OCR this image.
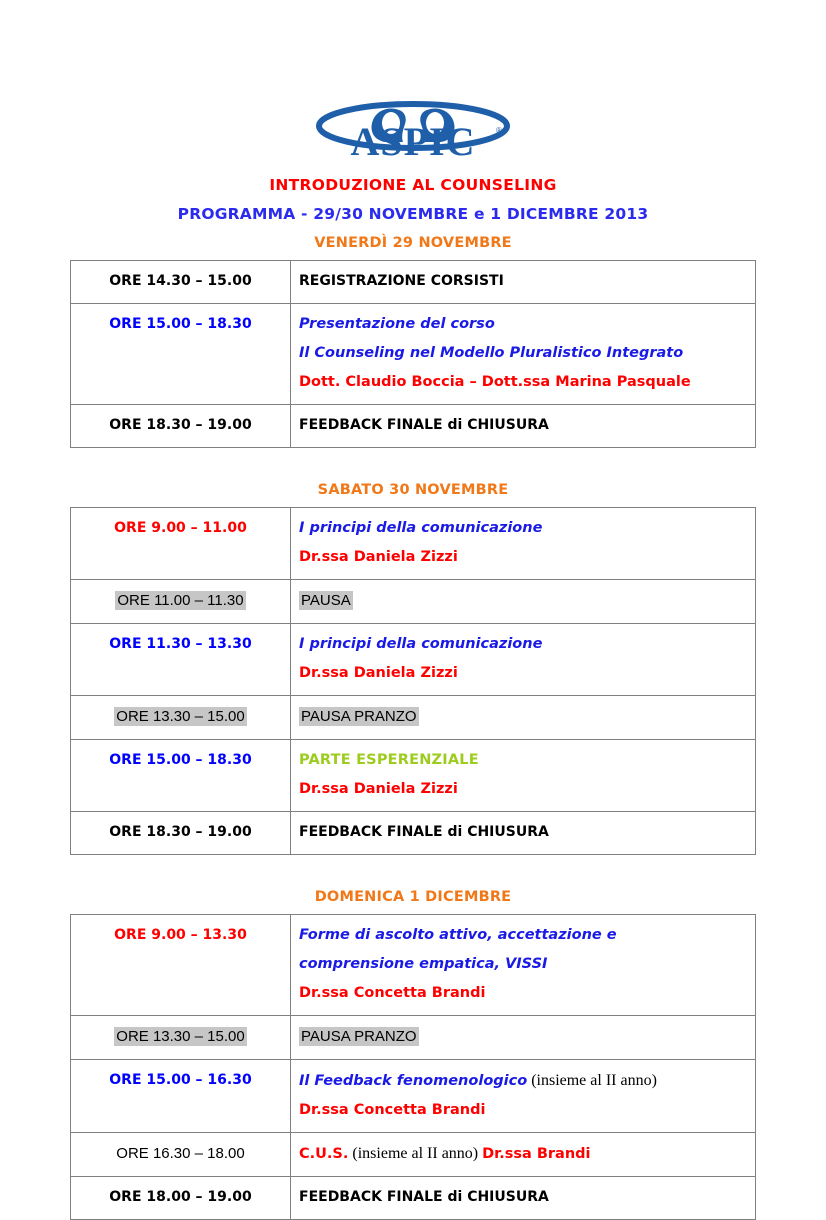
ASPIC	®
INTRODUZIONE AL COUNSELING
PROGRAMMA - 29/30 NOVEMBRE e 1 DICEMBRE 2013
VENERDÌ 29 NOVEMBRE
ORE 14.30 – 15.00	REGISTRAZIONE CORSISTI

ORE 15.00 – 18.30	Presentazione del corso
Il Counseling nel Modello Pluralistico Integrato
Dott. Claudio Boccia – Dott.ssa Marina Pasquale

ORE 18.30 – 19.00	FEEDBACK FINALE di CHIUSURA
SABATO 30 NOVEMBRE
ORE 9.00 – 11.00	I principi della comunicazione
Dr.ssa Daniela Zizzi

ORE 11.00 – 11.30	PAUSA

ORE 11.30 – 13.30	I principi della comunicazione
Dr.ssa Daniela Zizzi

ORE 13.30 – 15.00	PAUSA PRANZO

ORE 15.00 – 18.30	PARTE ESPERENZIALE
Dr.ssa Daniela Zizzi

ORE 18.30 – 19.00	FEEDBACK FINALE di CHIUSURA
DOMENICA 1 DICEMBRE
ORE 9.00 – 13.30	Forme di ascolto attivo, accettazione e
comprensione empatica, VISSI
Dr.ssa Concetta Brandi

ORE 13.30 – 15.00	PAUSA PRANZO

ORE 15.00 – 16.30	Il Feedback fenomenologico (insieme al II anno)
Dr.ssa Concetta Brandi

ORE 16.30 – 18.00	C.U.S. (insieme al II anno) Dr.ssa Brandi

ORE 18.00 – 19.00	FEEDBACK FINALE di CHIUSURA
